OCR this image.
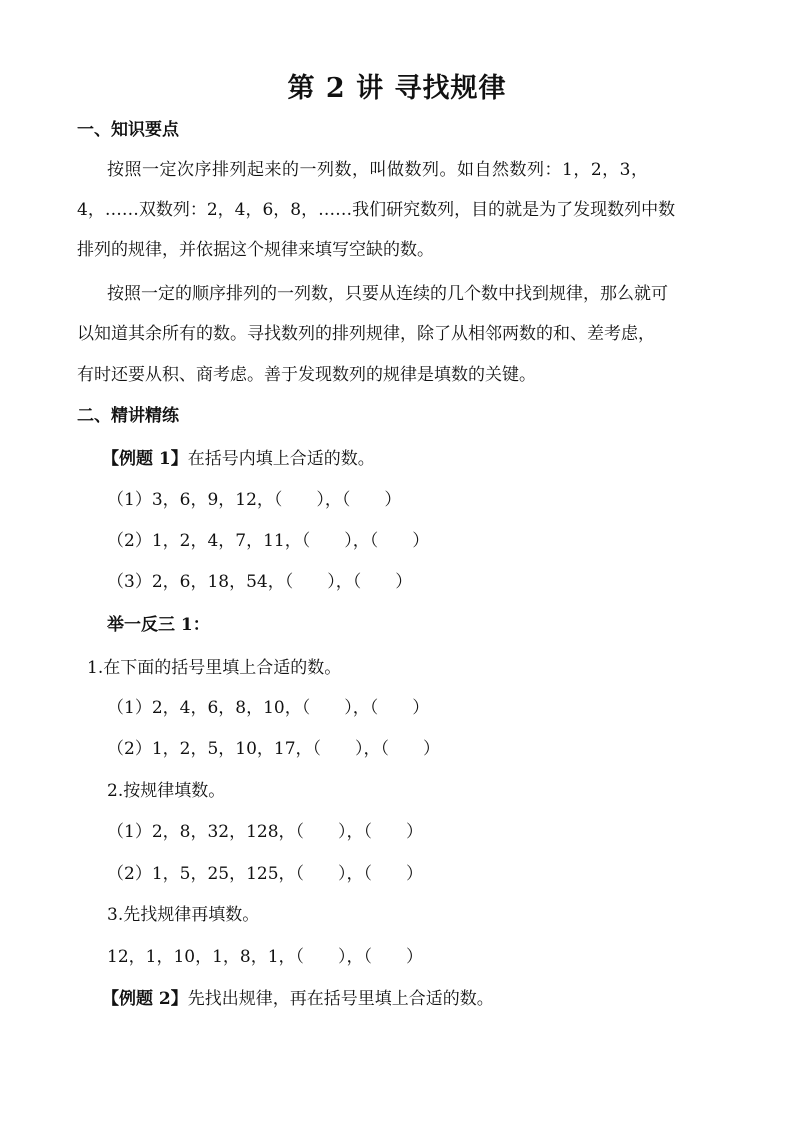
第 2 讲 寻找规律
一、知识要点
按照一定次序排列起来的一列数，叫做数列。如自然数列：1，2，3，
4，……双数列：2，4，6，8，……我们研究数列，目的就是为了发现数列中数
排列的规律，并依据这个规律来填写空缺的数。
按照一定的顺序排列的一列数，只要从连续的几个数中找到规律，那么就可
以知道其余所有的数。寻找数列的排列规律，除了从相邻两数的和、差考虑，
有时还要从积、商考虑。善于发现数列的规律是填数的关键。
二、精讲精练
【例题 1】在括号内填上合适的数。
（1）3，6，9，12，（　　），（　　）
（2）1，2，4，7，11，（　　），（　　）
（3）2，6，18，54，（　　），（　　）
举一反三 1：
1.在下面的括号里填上合适的数。
（1）2，4，6，8，10，（　　），（　　）
（2）1，2，5，10，17，（　　），（　　）
2.按规律填数。
（1）2，8，32，128，（　　），（　　）
（2）1，5，25，125，（　　），（　　）
3.先找规律再填数。
12，1，10，1，8，1，（　　），（　　）
【例题 2】先找出规律，再在括号里填上合适的数。
